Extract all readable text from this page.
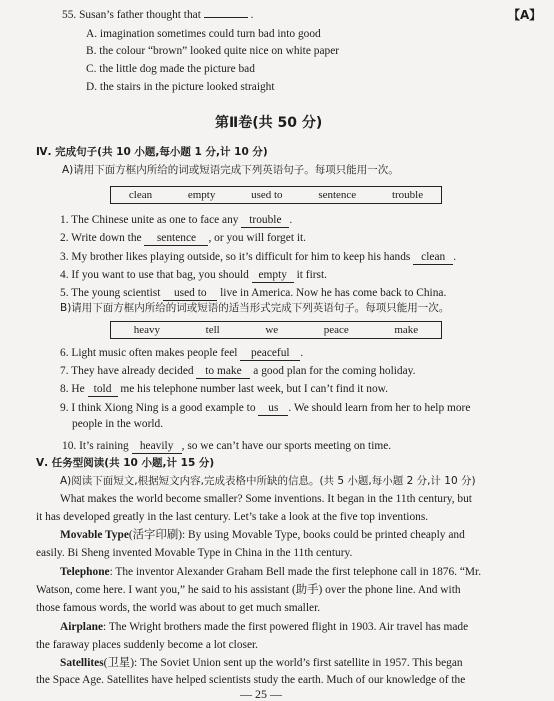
55. Susan’s father thought that	.	【A】
A. imagination sometimes could turn bad into good
B. the colour “brown” looked quite nice on white paper
C. the little dog made the picture bad
D. the stairs in the picture looked straight
第Ⅱ卷(共 50 分)
Ⅳ. 完成句子(共 10 小题,每小题 1 分,计 10 分)
A)请用下面方框内所给的词或短语完成下列英语句子。每项只能用一次。
clean	empty	used to	sentence	trouble
1. The Chinese unite as one to face any trouble .
2. Write down the sentence , or you will forget it.
3. My brother likes playing outside, so it’s difficult for him to keep his hands clean .
4. If you want to use that bag, you should empty it first.
5. The young scientist used to live in America. Now he has come back to China.
B)请用下面方框内所给的词或短语的适当形式完成下列英语句子。每项只能用一次。
heavy	tell	we	peace	make
6. Light music often makes people feel peaceful .
7. They have already decided to make a good plan for the coming holiday.
8. He told me his telephone number last week, but I can’t find it now.
9. I think Xiong Ning is a good example to us . We should learn from her to help more
people in the world.
10. It’s raining heavily , so we can’t have our sports meeting on time.
Ⅴ. 任务型阅读(共 10 小题,计 15 分)
A)阅读下面短文,根据短文内容,完成表格中所缺的信息。(共 5 小题,每小题 2 分,计 10 分)
What makes the world become smaller? Some inventions. It began in the 11th century, but
it has developed greatly in the last century. Let’s take a look at the five top inventions.
Movable Type(活字印刷): By using Movable Type, books could be printed cheaply and
easily. Bi Sheng invented Movable Type in China in the 11th century.
Telephone: The inventor Alexander Graham Bell made the first telephone call in 1876. “Mr.
Watson, come here. I want you,” he said to his assistant (助手) over the phone line. And with
those famous words, the world was about to get much smaller.
Airplane: The Wright brothers made the first powered flight in 1903. Air travel has made
the faraway places suddenly become a lot closer.
Satellites(卫星): The Soviet Union sent up the world’s first satellite in 1957. This began
the Space Age. Satellites have helped scientists study the earth. Much of our knowledge of the
— 25 —
